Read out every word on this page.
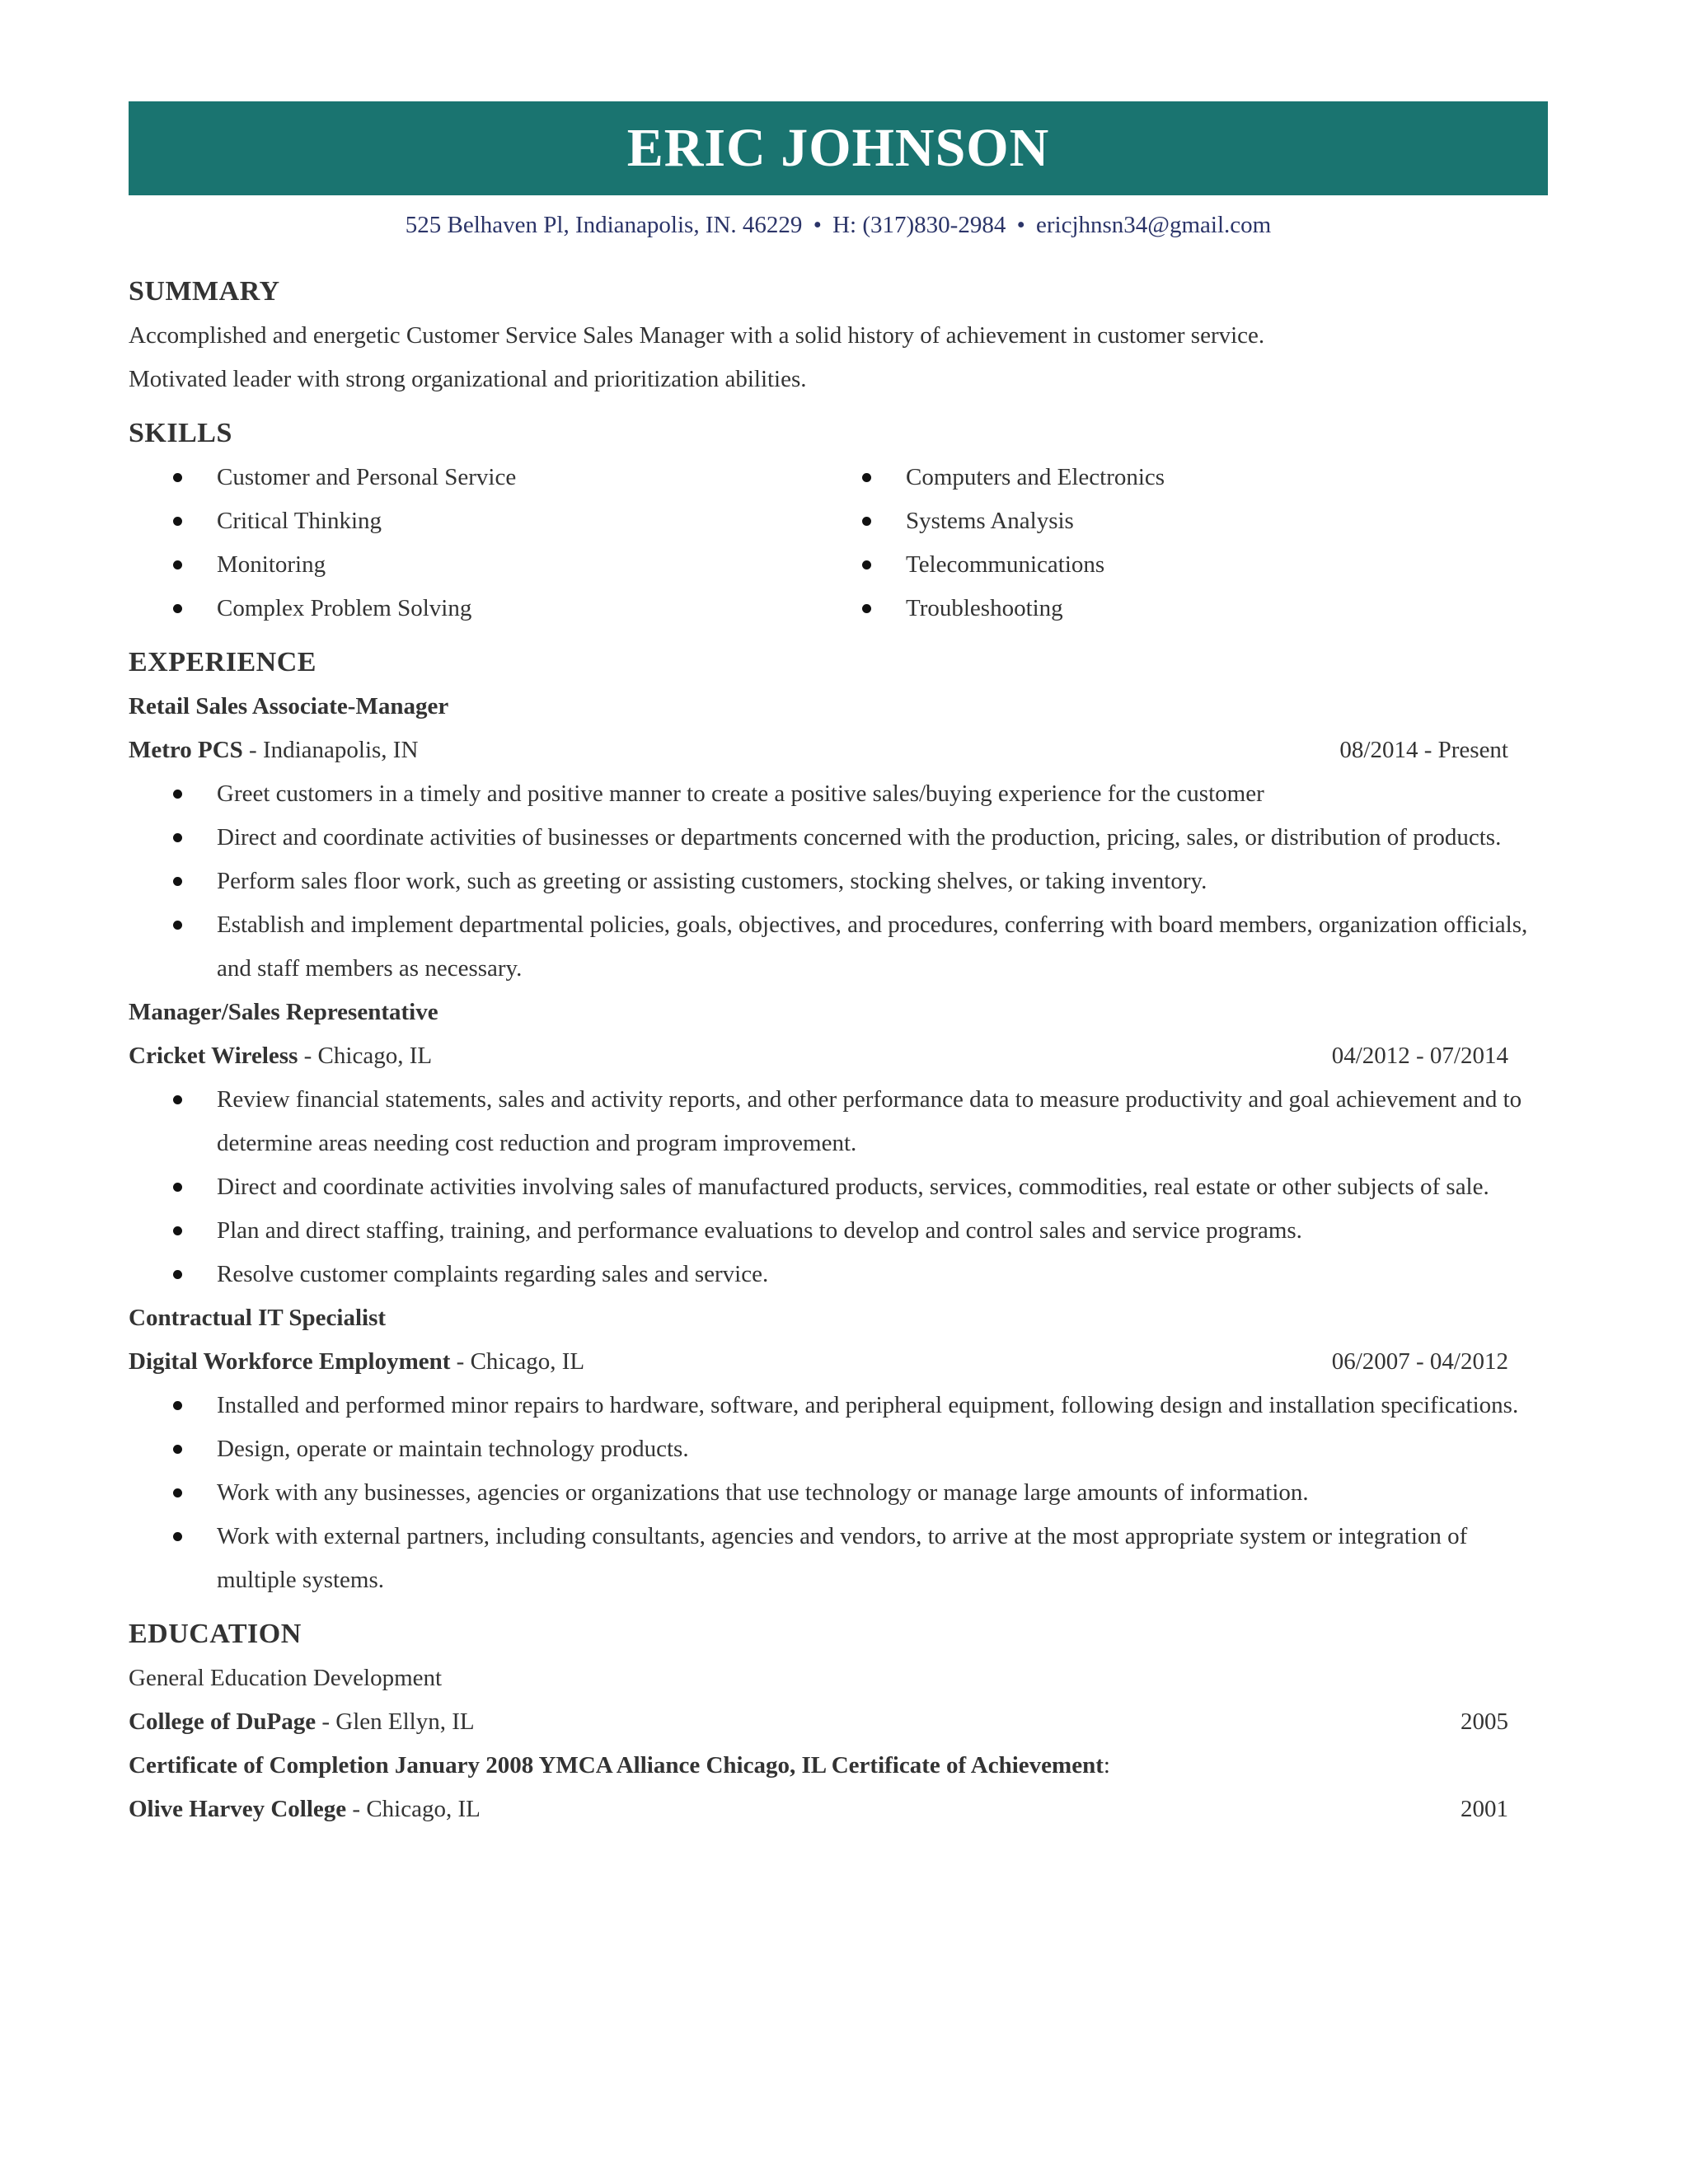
ERIC JOHNSON
525 Belhaven Pl, Indianapolis, IN. 46229 • H: (317)830-2984 • ericjhnsn34@gmail.com
SUMMARY

Accomplished and energetic Customer Service Sales Manager with a solid history of achievement in customer service.

Motivated leader with strong organizational and prioritization abilities.

SKILLS
Customer and Personal Service
Critical Thinking
Monitoring
Complex Problem Solving
Computers and Electronics
Systems Analysis
Telecommunications
Troubleshooting
EXPERIENCE

Retail Sales Associate-Manager

Metro PCS - Indianapolis, IN	08/2014 - Present
Greet customers in a timely and positive manner to create a positive sales/buying experience for the customer
Direct and coordinate activities of businesses or departments concerned with the production, pricing, sales, or distribution of products.
Perform sales floor work, such as greeting or assisting customers, stocking shelves, or taking inventory.
Establish and implement departmental policies, goals, objectives, and procedures, conferring with board members, organization officials, and staff members as necessary.

Manager/Sales Representative

Cricket Wireless - Chicago, IL	04/2012 - 07/2014
Review financial statements, sales and activity reports, and other performance data to measure productivity and goal achievement and to determine areas needing cost reduction and program improvement.
Direct and coordinate activities involving sales of manufactured products, services, commodities, real estate or other subjects of sale.
Plan and direct staffing, training, and performance evaluations to develop and control sales and service programs.
Resolve customer complaints regarding sales and service.

Contractual IT Specialist

Digital Workforce Employment - Chicago, IL	06/2007 - 04/2012
Installed and performed minor repairs to hardware, software, and peripheral equipment, following design and installation specifications.
Design, operate or maintain technology products.
Work with any businesses, agencies or organizations that use technology or manage large amounts of information.
Work with external partners, including consultants, agencies and vendors, to arrive at the most appropriate system or integration of multiple systems.
EDUCATION

General Education Development

College of DuPage - Glen Ellyn, IL	2005

Certificate of Completion January 2008 YMCA Alliance Chicago, IL Certificate of Achievement:

Olive Harvey College - Chicago, IL	2001
